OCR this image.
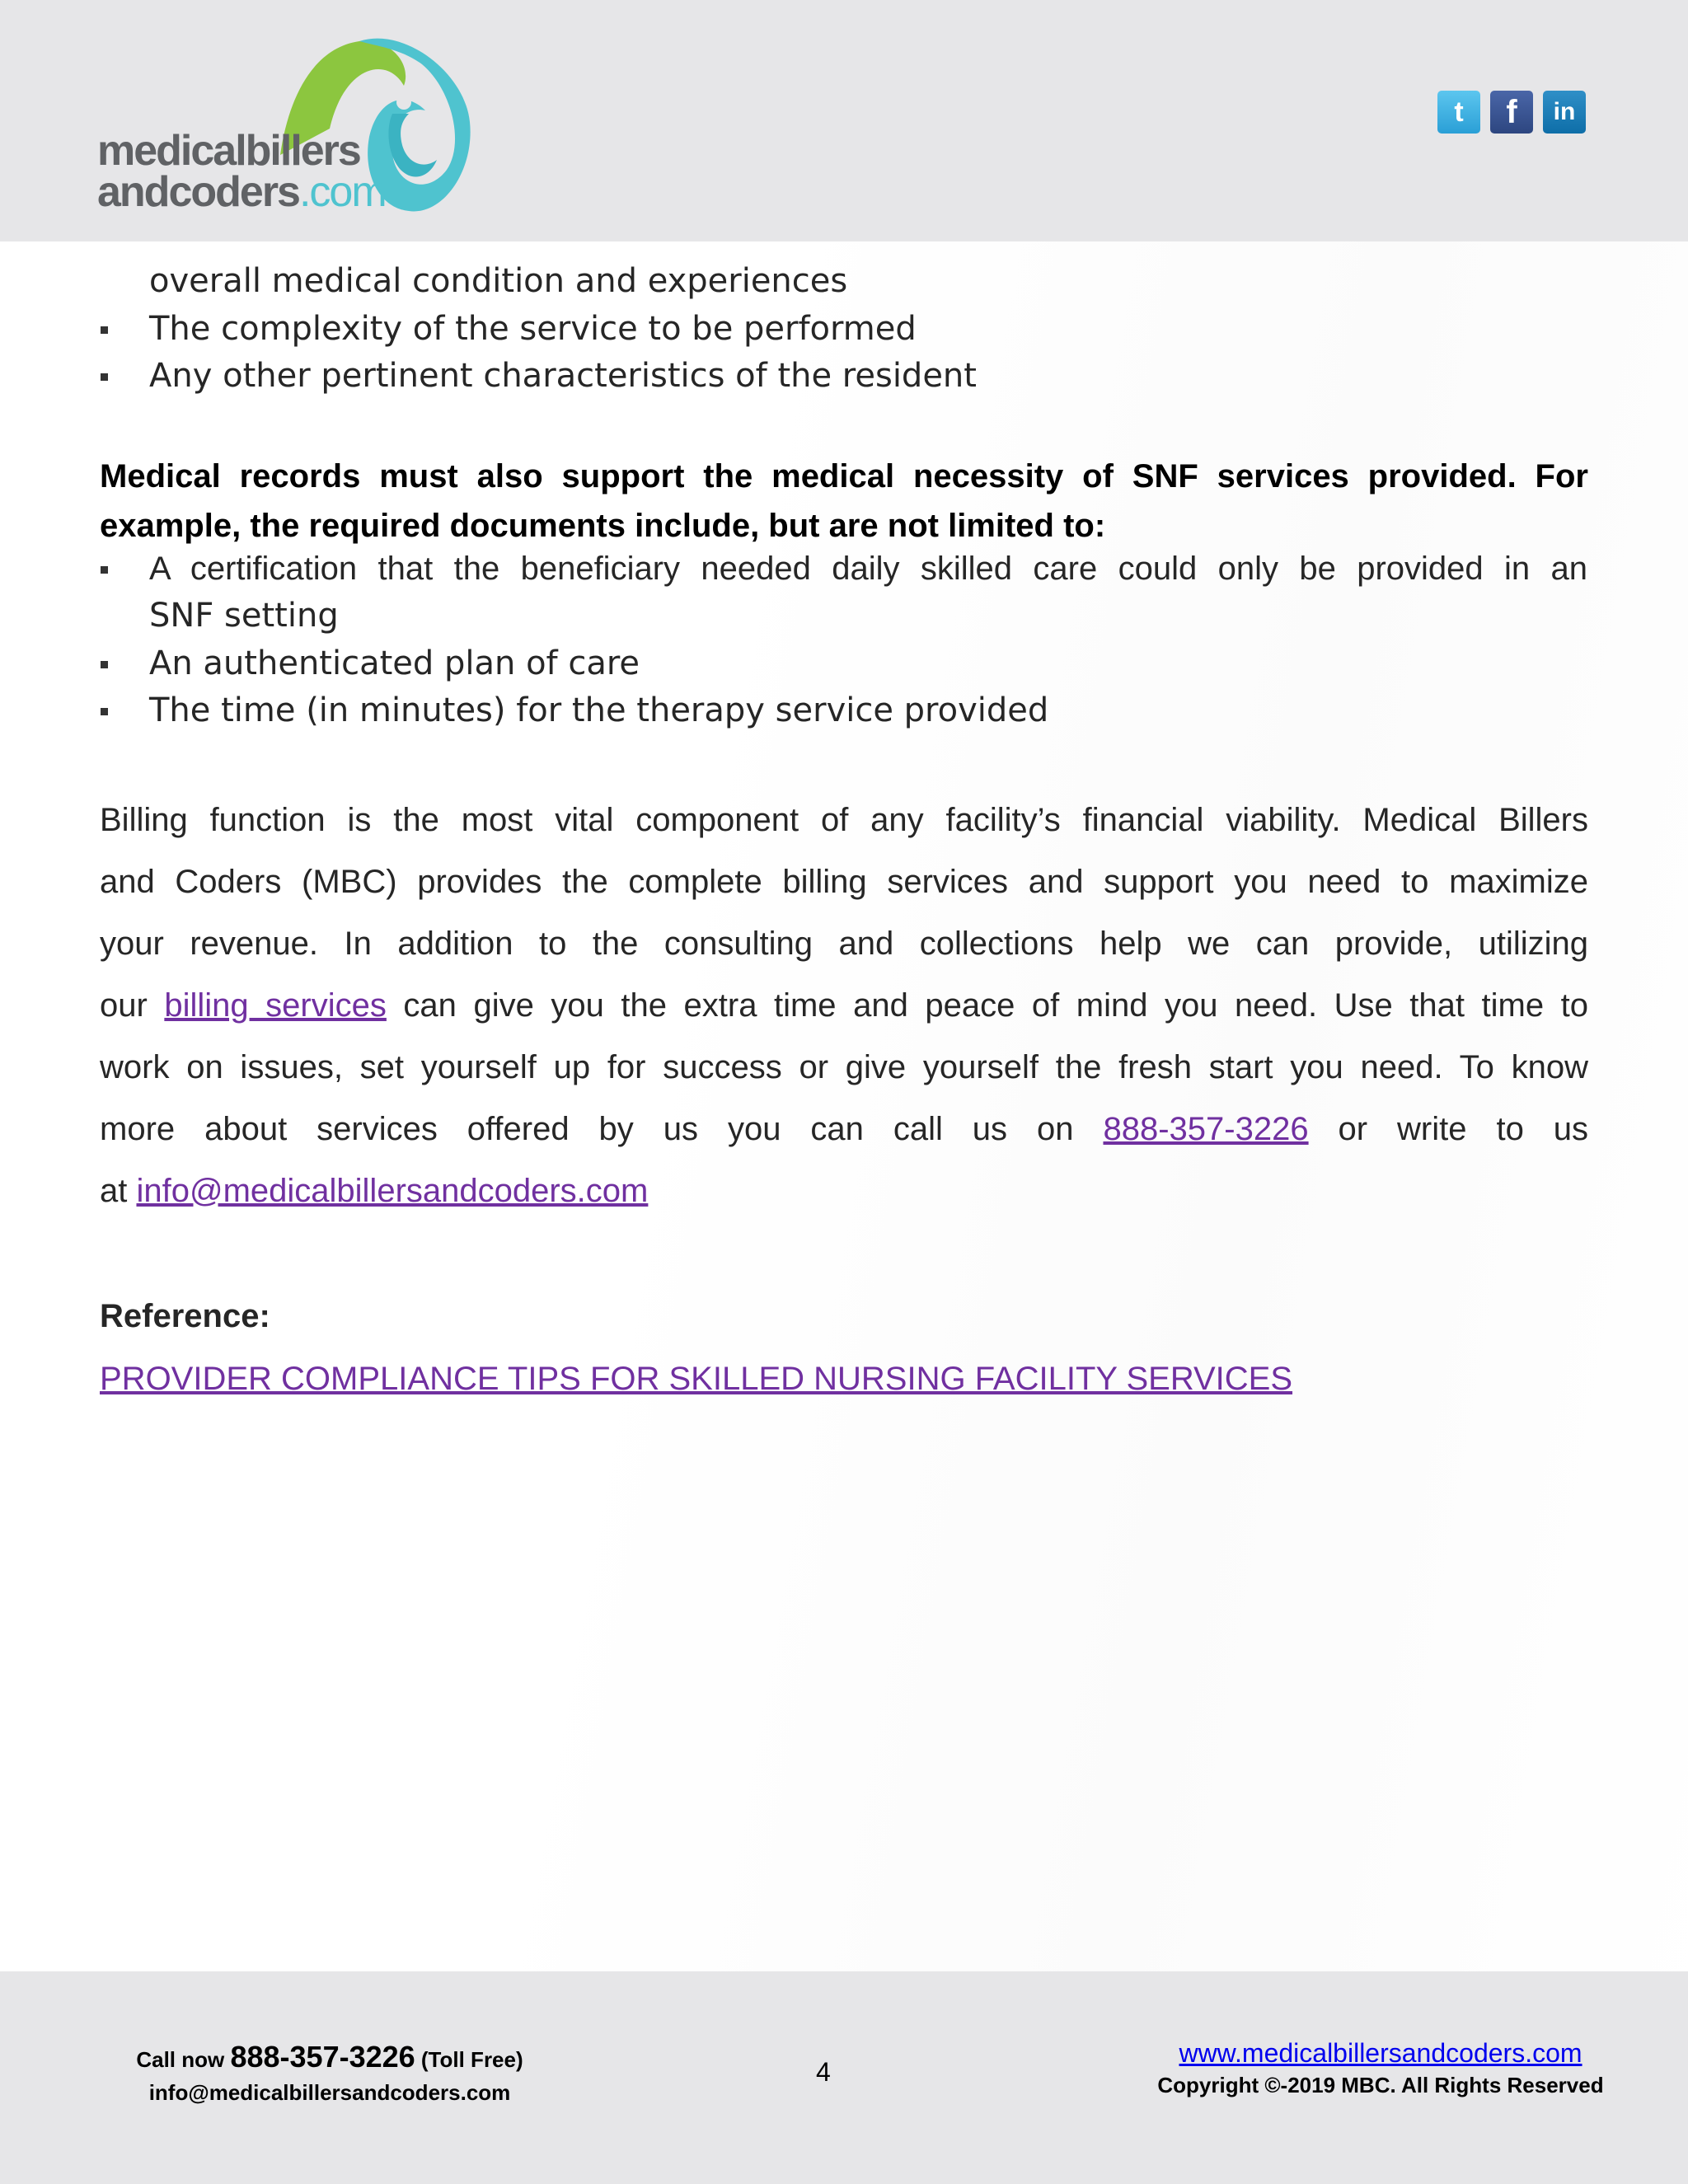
medicalbillers
andcoders.com
t	f	in
overall medical condition and experiences
The complexity of the service to be performed
Any other pertinent characteristics of the resident
Medical records must also support the medical necessity of SNF services provided. For example, the required documents include, but are not limited to:
A certification that the beneficiary needed daily skilled care could only be provided in an
SNF setting
An authenticated plan of care
The time (in minutes) for the therapy service provided
Billing function is the most vital component of any facility’s financial viability. Medical Billers
and Coders (MBC) provides the complete billing services and support you need to maximize
your revenue. In addition to the consulting and collections help we can provide, utilizing
our billing services can give you the extra time and peace of mind you need. Use that time to
work on issues, set yourself up for success or give yourself the fresh start you need. To know
more about services offered by us you can call us on 888-357-3226 or write to us
at info@medicalbillersandcoders.com
Reference:
PROVIDER COMPLIANCE TIPS FOR SKILLED NURSING FACILITY SERVICES
Call now 888-357-3226 (Toll Free)
info@medicalbillersandcoders.com
4
www.medicalbillersandcoders.com
Copyright ©-2019 MBC. All Rights Reserved
